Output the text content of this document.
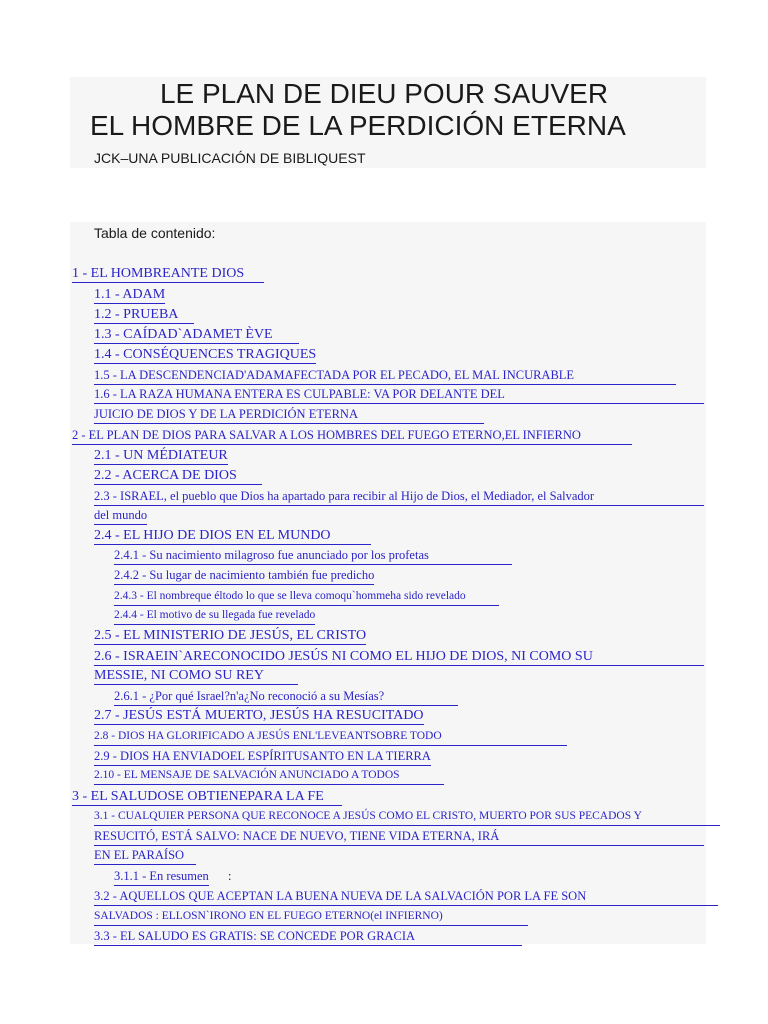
LE PLAN DE DIEU POUR SAUVER
EL HOMBRE DE LA PERDICIÓN ETERNA
JCK–UNA PUBLICACIÓN DE BIBLIQUEST
Tabla de contenido:
1 - EL HOMBREANTE DIOS
1.1 - ADAM
1.2 - PRUEBA
1.3 - CAÍDAD`ADAMET ÈVE
1.4 - CONSÉQUENCES TRAGIQUES
1.5 - LA DESCENDENCIAD'ADAMAFECTADA POR EL PECADO, EL MAL INCURABLE
1.6 - LA RAZA HUMANA ENTERA ES CULPABLE: VA POR DELANTE DEL
JUICIO DE DIOS Y DE LA PERDICIÓN ETERNA
2 - EL PLAN DE DIOS PARA SALVAR A LOS HOMBRES DEL FUEGO ETERNO,EL INFIERNO
2.1 - UN MÉDIATEUR
2.2 - ACERCA DE DIOS
2.3 - ISRAEL, el pueblo que Dios ha apartado para recibir al Hijo de Dios, el Mediador, el Salvador
del mundo
2.4 - EL HIJO DE DIOS EN EL MUNDO
2.4.1 - Su nacimiento milagroso fue anunciado por los profetas
2.4.2 - Su lugar de nacimiento también fue predicho
2.4.3 - El nombreque éltodo lo que se lleva comoqu`hommeha sido revelado
2.4.4 - El motivo de su llegada fue revelado
2.5 - EL MINISTERIO DE JESÚS, EL CRISTO
2.6 - ISRAEIN`ARECONOCIDO JESÚS NI COMO EL HIJO DE DIOS, NI COMO SU
MESSIE, NI COMO SU REY
2.6.1 - ¿Por qué Israel?n'a¿No reconoció a su Mesías?
2.7 - JESÚS ESTÁ MUERTO, JESÚS HA RESUCITADO
2.8 - DIOS HA GLORIFICADO A JESÚS ENL'LEVEANTSOBRE TODO
2.9 - DIOS HA ENVIADOEL ESPÍRITUSANTO EN LA TIERRA
2.10 - EL MENSAJE DE SALVACIÓN ANUNCIADO A TODOS
3 - EL SALUDOSE OBTIENEPARA LA FE
3.1 - CUALQUIER PERSONA QUE RECONOCE A JESÚS COMO EL CRISTO, MUERTO POR SUS PECADOS Y
RESUCITÓ, ESTÁ SALVO: NACE DE NUEVO, TIENE VIDA ETERNA, IRÁ
EN EL PARAÍSO
3.1.1 - En resumen :
3.2 - AQUELLOS QUE ACEPTAN LA BUENA NUEVA DE LA SALVACIÓN POR LA FE SON
SALVADOS : ELLOSN`IRONO EN EL FUEGO ETERNO(el INFIERNO)
3.3 - EL SALUDO ES GRATIS: SE CONCEDE POR GRACIA
